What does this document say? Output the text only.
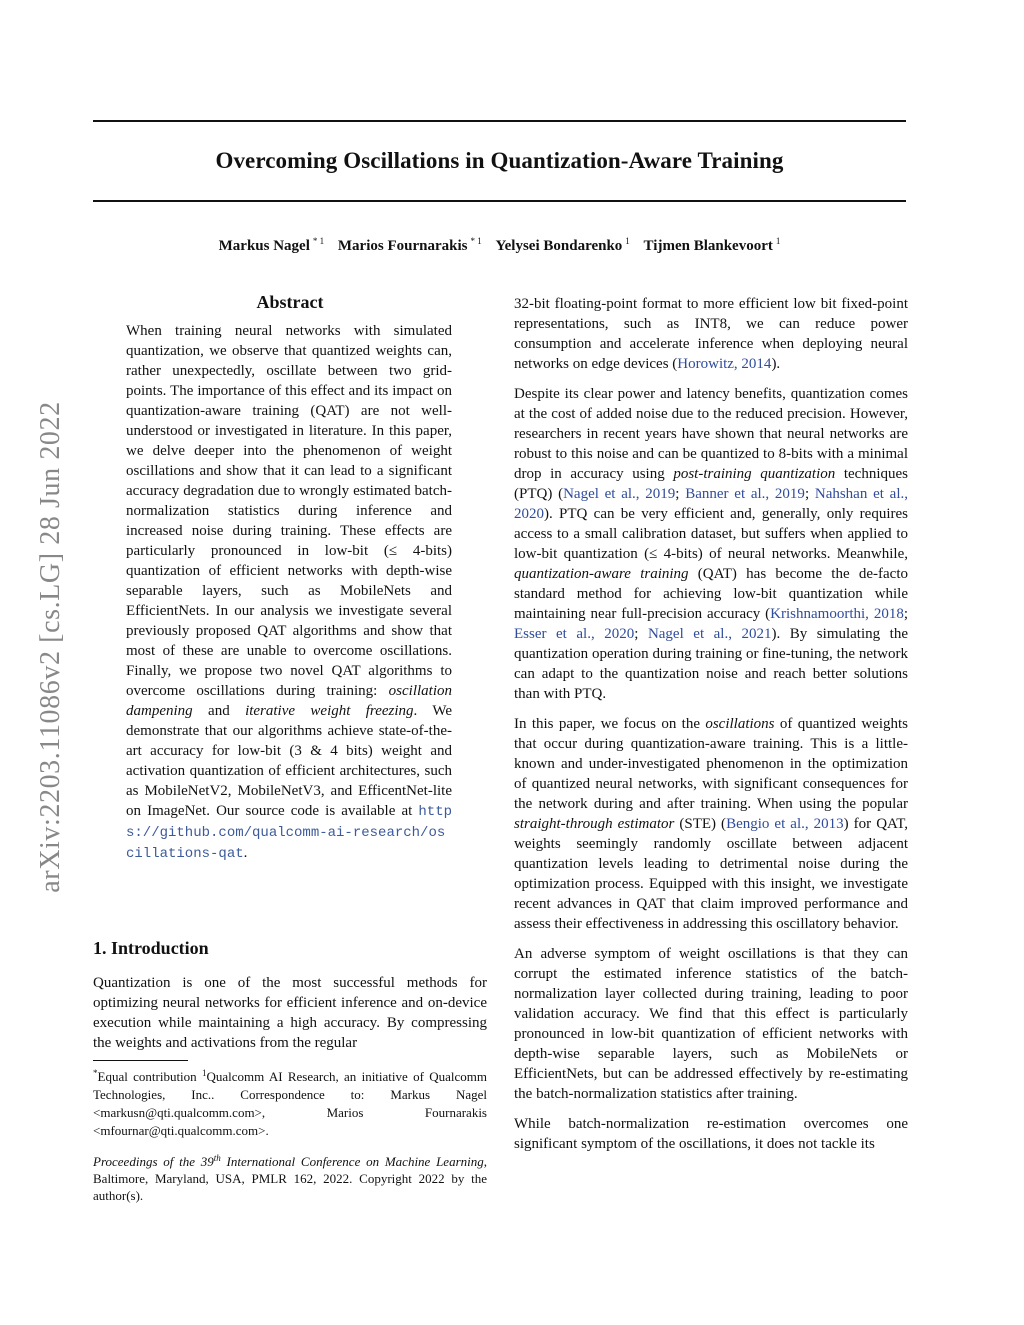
arXiv:2203.11086v2 [cs.LG] 28 Jun 2022
Overcoming Oscillations in Quantization-Aware Training
Markus Nagel $^{* 1}$ Marios Fournarakis $^{* 1}$ Yelysei Bondarenko $^1$ Tijmen Blankevoort $^1$
Abstract

When training neural networks with simulated quantization, we observe that quantized weights can, rather unexpectedly, oscillate between two grid-points. The importance of this effect and its impact on quantization-aware training (QAT) are not well-understood or investigated in literature. In this paper, we delve deeper into the phenomenon of weight oscillations and show that it can lead to a significant accuracy degradation due to wrongly estimated batch-normalization statistics during inference and increased noise during training. These effects are particularly pronounced in low-bit (≤ 4-bits) quantization of efficient networks with depth-wise separable layers, such as MobileNets and EfficientNets. In our analysis we investigate several previously proposed QAT algorithms and show that most of these are unable to overcome oscillations. Finally, we propose two novel QAT algorithms to overcome oscillations during training: oscillation dampening and iterative weight freezing. We demonstrate that our algorithms achieve state-of-the-art accuracy for low-bit (3 & 4 bits) weight and activation quantization of efficient architectures, such as MobileNetV2, MobileNetV3, and EfficentNet-lite on ImageNet. Our source code is available at https://github.com/qualcomm-ai-research/oscillations-qat.

1. Introduction
Quantization is one of the most successful methods for optimizing neural networks for efficient inference and on-device execution while maintaining a high accuracy. By compressing the weights and activations from the regular

*Equal contribution $^1$Qualcomm AI Research, an initiative of Qualcomm Technologies, Inc.. Correspondence to: Markus Nagel <markusn@qti.qualcomm.com>, Marios Fournarakis <mfournar@qti.qualcomm.com>.

Proceedings of the 39th International Conference on Machine Learning, Baltimore, Maryland, USA, PMLR 162, 2022. Copyright 2022 by the author(s).

32-bit floating-point format to more efficient low bit fixed-point representations, such as INT8, we can reduce power consumption and accelerate inference when deploying neural networks on edge devices (Horowitz, 2014).

Despite its clear power and latency benefits, quantization comes at the cost of added noise due to the reduced precision. However, researchers in recent years have shown that neural networks are robust to this noise and can be quantized to 8-bits with a minimal drop in accuracy using post-training quantization techniques (PTQ) (Nagel et al., 2019; Banner et al., 2019; Nahshan et al., 2020). PTQ can be very efficient and, generally, only requires access to a small calibration dataset, but suffers when applied to low-bit quantization (≤ 4-bits) of neural networks. Meanwhile, quantization-aware training (QAT) has become the de-facto standard method for achieving low-bit quantization while maintaining near full-precision accuracy (Krishnamoorthi, 2018; Esser et al., 2020; Nagel et al., 2021). By simulating the quantization operation during training or fine-tuning, the network can adapt to the quantization noise and reach better solutions than with PTQ.

In this paper, we focus on the oscillations of quantized weights that occur during quantization-aware training. This is a little-known and under-investigated phenomenon in the optimization of quantized neural networks, with significant consequences for the network during and after training. When using the popular straight-through estimator (STE) (Bengio et al., 2013) for QAT, weights seemingly randomly oscillate between adjacent quantization levels leading to detrimental noise during the optimization process. Equipped with this insight, we investigate recent advances in QAT that claim improved performance and assess their effectiveness in addressing this oscillatory behavior.

An adverse symptom of weight oscillations is that they can corrupt the estimated inference statistics of the batch-normalization layer collected during training, leading to poor validation accuracy. We find that this effect is particularly pronounced in low-bit quantization of efficient networks with depth-wise separable layers, such as MobileNets or EfficientNets, but can be addressed effectively by re-estimating the batch-normalization statistics after training.

While batch-normalization re-estimation overcomes one significant symptom of the oscillations, it does not tackle its
